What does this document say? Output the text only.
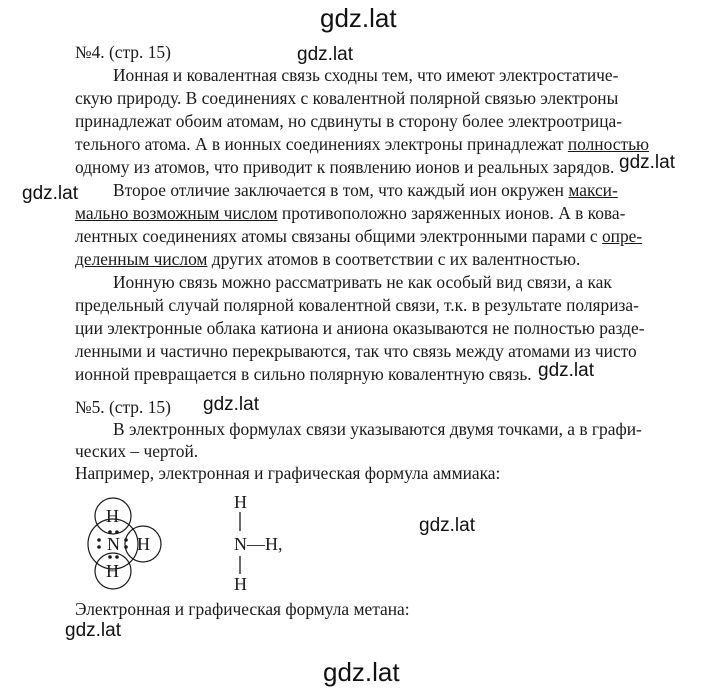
gdz.lat
gdz.lat
gdz.lat
gdz.lat
gdz.lat
gdz.lat
gdz.lat
gdz.lat
gdz.lat
№4. (стр. 15)
Ионная и ковалентная связь сходны тем, что имеют электростатиче-
скую природу. В соединениях с ковалентной полярной связью электроны
принадлежат обоим атомам, но сдвинуты в сторону более электроотрица-
тельного атома. А в ионных соединениях электроны принадлежат полностью
одному из атомов, что приводит к появлению ионов и реальных зарядов.
Второе отличие заключается в том, что каждый ион окружен макси-
мально возможным числом противоположно заряженных ионов. А в кова-
лентных соединениях атомы связаны общими электронными парами с опре-
деленным числом других атомов в соответствии с их валентностью.
Ионную связь можно рассматривать не как особый вид связи, а как
предельный случай полярной ковалентной связи, т.к. в результате поляриза-
ции электронные облака катиона и аниона оказываются не полностью разде-
ленными и частично перекрываются, так что связь между атомами из чисто
ионной превращается в сильно полярную ковалентную связь.
№5. (стр. 15)
В электронных формулах связи указываются двумя точками, а в графи-
ческих – чертой.
Например, электронная и графическая формула аммиака:
Электронная и графическая формула метана:
H
N H
H
H
N—H,
H
